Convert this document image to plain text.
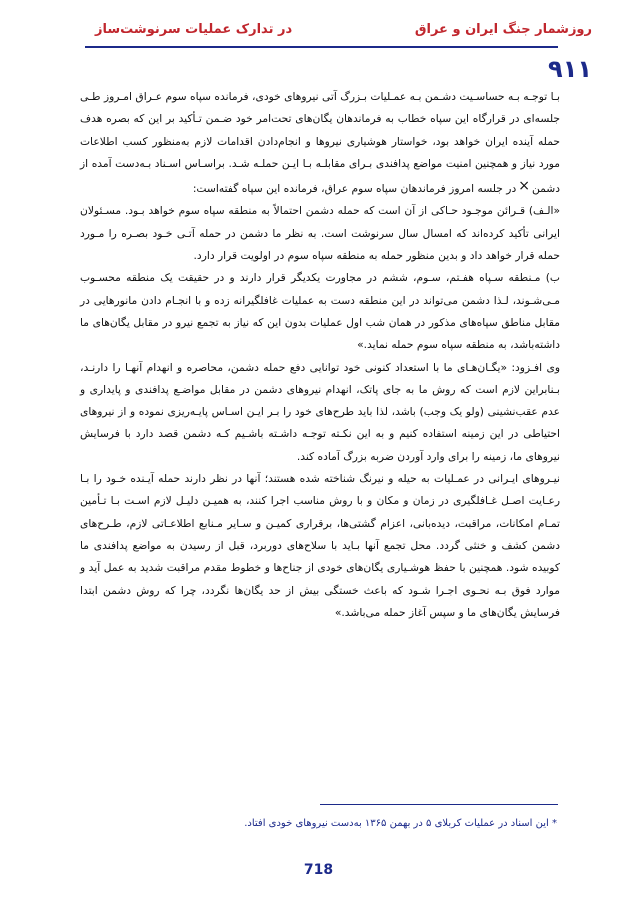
روزشمار جنگ ایران و عراق
در تدارک عملیات سرنوشت‌ساز
۹۱۱

بـا توجـه بـه حساسـیت دشـمن بـه عمـلیات بـزرگ آتی نیروهای خودی، فرمانده سپاه سوم عـراق امـروز طـی جلسه‌ای در قرارگاه این سپاه خطاب به فرماندهان یگان‌های تحت‌امر خود ضـمن تـأکید بر این که بصره هدف حمله آینده ایران خواهد بود، خواستار هوشیاری نیروها و انجام‌دادن اقدامات لازم به‌منظور کسب اطلاعات مورد نیاز و همچنین امنیت مواضع پدافندی بـرای مقابلـه بـا ایـن حملـه شـد. براسـاس اسـناد بـه‌دست آمده از دشمن×در جلسه امروز فرماندهان سپاه سوم عراق، فرمانده این سپاه گفته‌است:

«الـف) قـرائن موجـود حـاکی از آن است که حمله دشمن احتمالاً به منطقه سپاه سوم خواهد بـود. مسـئولان ایرانی تأکید کرده‌اند که امسال سال سرنوشت است. به نظر ما دشمن در حمله آتـی خـود بصـره را مـورد حمله قرار خواهد داد و بدین منظور حمله به منطقه سپاه سوم در اولویت قرار دارد.

ب) مـنطقه سـپاه هفـتم، سـوم، ششم در مجاورت یکدیگر قرار دارند و در حقیقت یک منطقه محسـوب مـی‌شـوند، لـذا دشمن می‌تواند در این منطقه دست به عملیات غافلگیرانه زده و با انجـام دادن مانورهایی در مقابل مناطق سپاه‌های مذکور در همان شب اول عملیات بدون این که نیاز به تجمع نیرو در مقابل یگان‌های ما داشته‌باشد، به منطقه سپاه سوم حمله نماید.»

وی افـزود: «یگـان‌هـای ما با استعداد کنونی خود توانایی دفع حمله دشمن، محاصره و انهدام آنهـا را دارنـد، بـنابراین لازم است که روش ما به جای پاتک، انهدام نیروهای دشمن در مقابل مواضـع پدافندی و پایداری و عدم عقب‌نشینی (ولو یک وجب) باشد، لذا باید طرح‌های خود را بـر ایـن اسـاس پایـه‌ریزی نموده و از نیروهای احتیاطی در این زمینه استفاده کنیم و به این نکـته توجـه داشـته باشـیم کـه دشمن قصد دارد با فرسایش نیروهای ما، زمینه را برای وارد آوردن ضربه بزرگ آماده کند.

نیـروهای ایـرانی در عمـلیات به حیله و نیرنگ شناخته شده هستند؛ آنها در نظر دارند حمله آیـنده خـود را بـا رعـایت اصـل غـافلگیری در زمان و مکان و با روش مناسب اجرا کنند، به همیـن دلیـل لازم اسـت بـا تـأمین تمـام امکانات، مراقبت، دیده‌بانی، اعزام گشتی‌ها، برقراری کمیـن و سـایر مـنابع اطلاعـاتی لازم، طـرح‌های دشمن کشف و خنثی گردد. محل تجمع آنها بـاید با سلاح‌های دوربرد، قبل از رسیدن به مواضع پدافندی ما کوبیده شود. همچنین با حفظ هوشـیاری یگان‌های خودی از جناح‌ها و خطوط مقدم مراقبت شدید به عمل آید و موارد فوق بـه نحـوی اجـرا شـود که باعث خستگی بیش از حد یگان‌ها نگردد، چرا که روش دشمن ابتدا فرسایش یگان‌های ما و سپس آغاز حمله می‌باشد.»

* این اسناد در عملیات کربلای ۵ در بهمن ۱۳۶۵ به‌دست نیروهای خودی افتاد.
718
